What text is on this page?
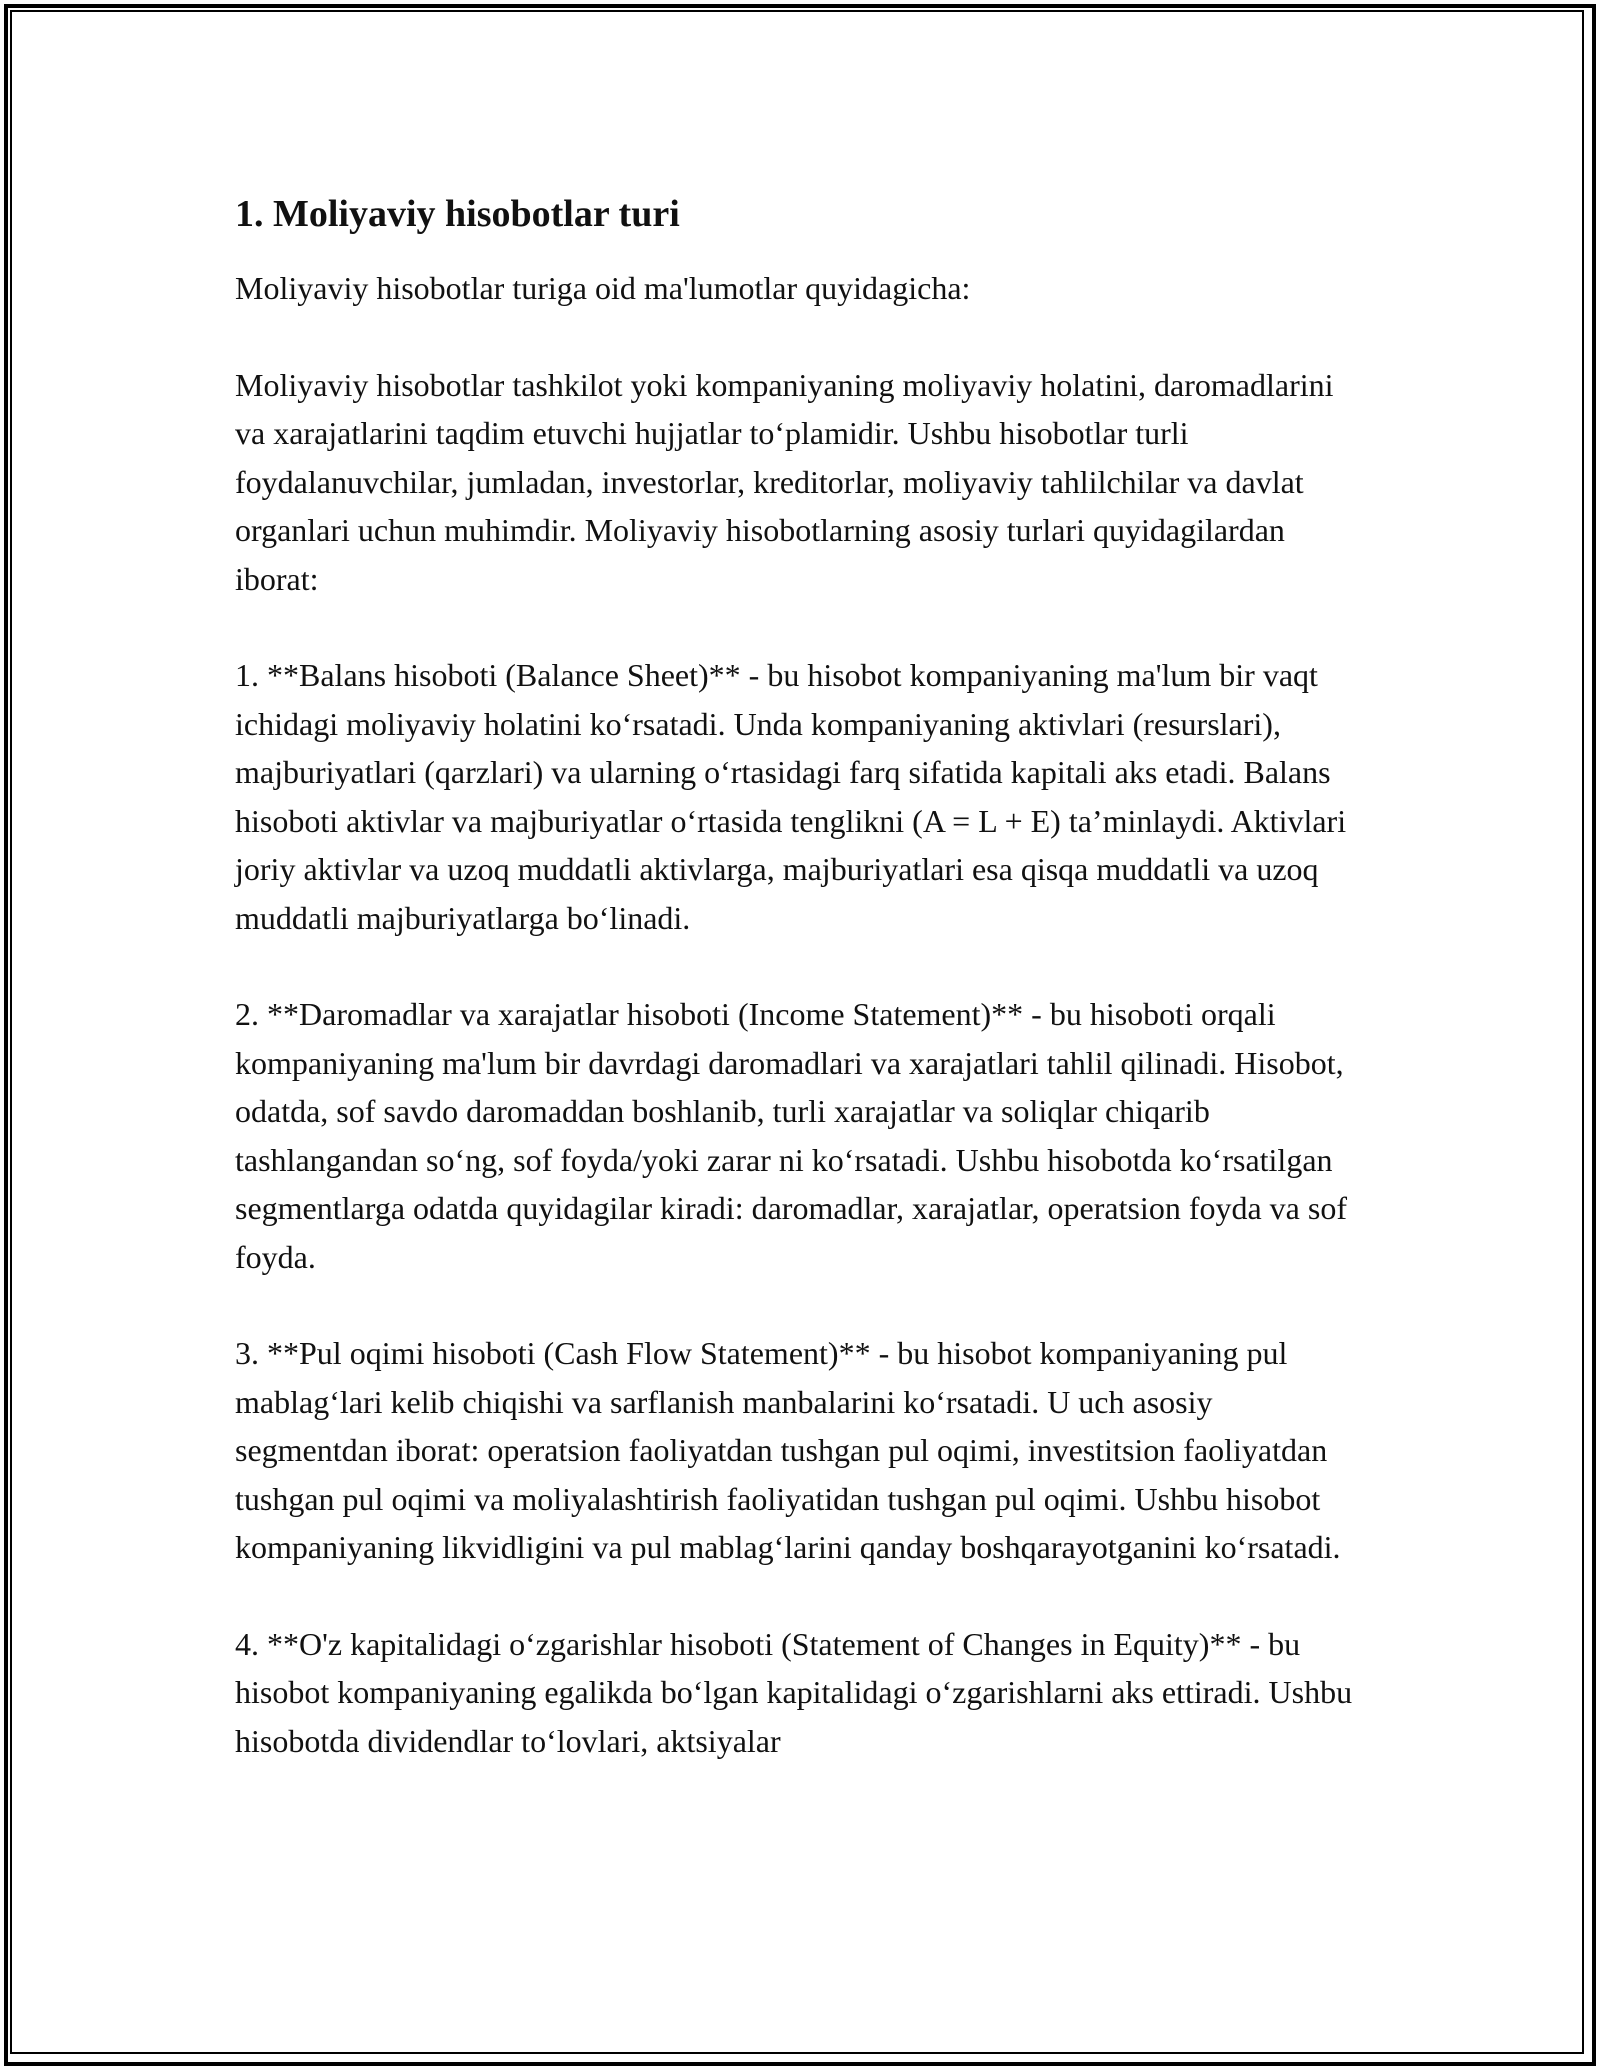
1. Moliyaviy hisobotlar turi

Moliyaviy hisobotlar turiga oid ma'lumotlar quyidagicha:

Moliyaviy hisobotlar tashkilot yoki kompaniyaning moliyaviy holatini, daromadlarini va xarajatlarini taqdim etuvchi hujjatlar to‘plamidir. Ushbu hisobotlar turli foydalanuvchilar, jumladan, investorlar, kreditorlar, moliyaviy tahlilchilar va davlat organlari uchun muhimdir. Moliyaviy hisobotlarning asosiy turlari quyidagilardan iborat:

1. **Balans hisoboti (Balance Sheet)** - bu hisobot kompaniyaning ma'lum bir vaqt ichidagi moliyaviy holatini ko‘rsatadi. Unda kompaniyaning aktivlari (resurslari), majburiyatlari (qarzlari) va ularning o‘rtasidagi farq sifatida kapitali aks etadi. Balans hisoboti aktivlar va majburiyatlar o‘rtasida tenglikni (A = L + E) ta’minlaydi. Aktivlari joriy aktivlar va uzoq muddatli aktivlarga, majburiyatlari esa qisqa muddatli va uzoq muddatli majburiyatlarga bo‘linadi.

2. **Daromadlar va xarajatlar hisoboti (Income Statement)** - bu hisoboti orqali kompaniyaning ma'lum bir davrdagi daromadlari va xarajatlari tahlil qilinadi. Hisobot, odatda, sof savdo daromaddan boshlanib, turli xarajatlar va soliqlar chiqarib tashlangandan so‘ng, sof foyda/yoki zarar ni ko‘rsatadi. Ushbu hisobotda ko‘rsatilgan segmentlarga odatda quyidagilar kiradi: daromadlar, xarajatlar, operatsion foyda va sof foyda.

3. **Pul oqimi hisoboti (Cash Flow Statement)** - bu hisobot kompaniyaning pul mablag‘lari kelib chiqishi va sarflanish manbalarini ko‘rsatadi. U uch asosiy segmentdan iborat: operatsion faoliyatdan tushgan pul oqimi, investitsion faoliyatdan tushgan pul oqimi va moliyalashtirish faoliyatidan tushgan pul oqimi. Ushbu hisobot kompaniyaning likvidligini va pul mablag‘larini qanday boshqarayotganini ko‘rsatadi.

4. **O'z kapitalidagi o‘zgarishlar hisoboti (Statement of Changes in Equity)** - bu hisobot kompaniyaning egalikda bo‘lgan kapitalidagi o‘zgarishlarni aks ettiradi. Ushbu hisobotda dividendlar to‘lovlari, aktsiyalar
